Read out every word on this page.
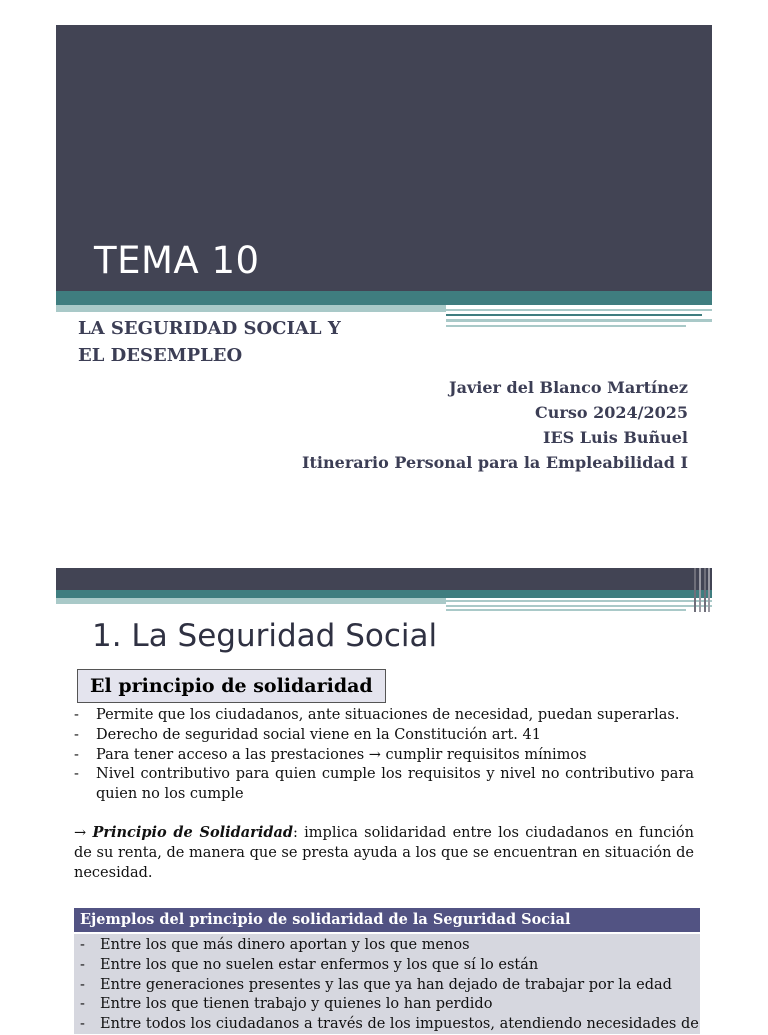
TEMA 10
LA SEGURIDAD SOCIAL Y
EL DESEMPLEO
Javier del Blanco Martínez
Curso 2024/2025
IES Luis Buñuel
Itinerario Personal para la Empleabilidad I
1. La Seguridad Social
El principio de solidaridad
- Permite que los ciudadanos, ante situaciones de necesidad, puedan superarlas.
- Derecho de seguridad social viene en la Constitución art. 41
- Para tener acceso a las prestaciones → cumplir requisitos mínimos
- Nivel contributivo para quien cumple los requisitos y nivel no contributivo para quien no los cumple
→ Principio de Solidaridad: implica solidaridad entre los ciudadanos en función de su renta, de manera que se presta ayuda a los que se encuentran en situación de necesidad.
Ejemplos del principio de solidaridad de la Seguridad Social
- Entre los que más dinero aportan y los que menos
- Entre los que no suelen estar enfermos y los que sí lo están
- Entre generaciones presentes y las que ya han dejado de trabajar por la edad
- Entre los que tienen trabajo y quienes lo han perdido
- Entre todos los ciudadanos a través de los impuestos, atendiendo necesidades de
